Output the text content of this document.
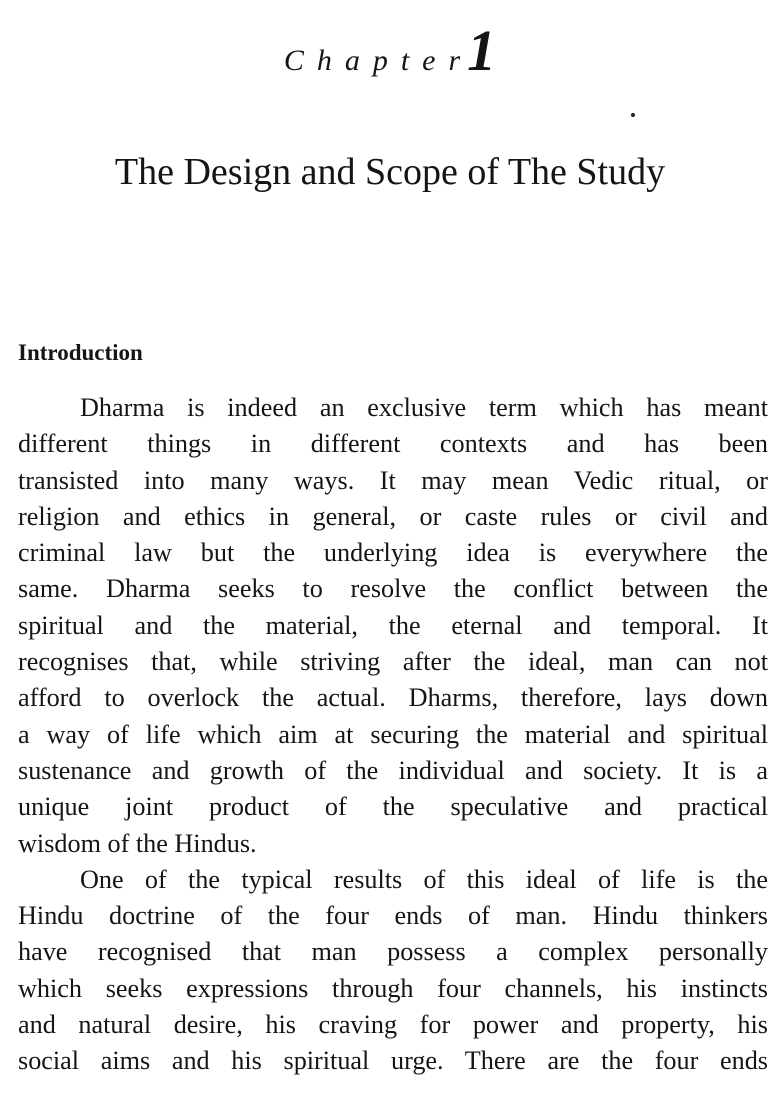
Chapter1
The Design and Scope of The Study
Introduction
Dharma is indeed an exclusive term which has meant
different things in different contexts and has been
transisted into many ways. It may mean Vedic ritual, or
religion and ethics in general, or caste rules or civil and
criminal law but the underlying idea is everywhere the
same. Dharma seeks to resolve the conflict between the
spiritual and the material, the eternal and temporal. It
recognises that, while striving after the ideal, man can not
afford to overlock the actual. Dharms, therefore, lays down
a way of life which aim at securing the material and spiritual
sustenance and growth of the individual and society. It is a
unique joint product of the speculative and practical
wisdom of the Hindus.
One of the typical results of this ideal of life is the
Hindu doctrine of the four ends of man. Hindu thinkers
have recognised that man possess a complex personally
which seeks expressions through four channels, his instincts
and natural desire, his craving for power and property, his
social aims and his spiritual urge. There are the four ends
